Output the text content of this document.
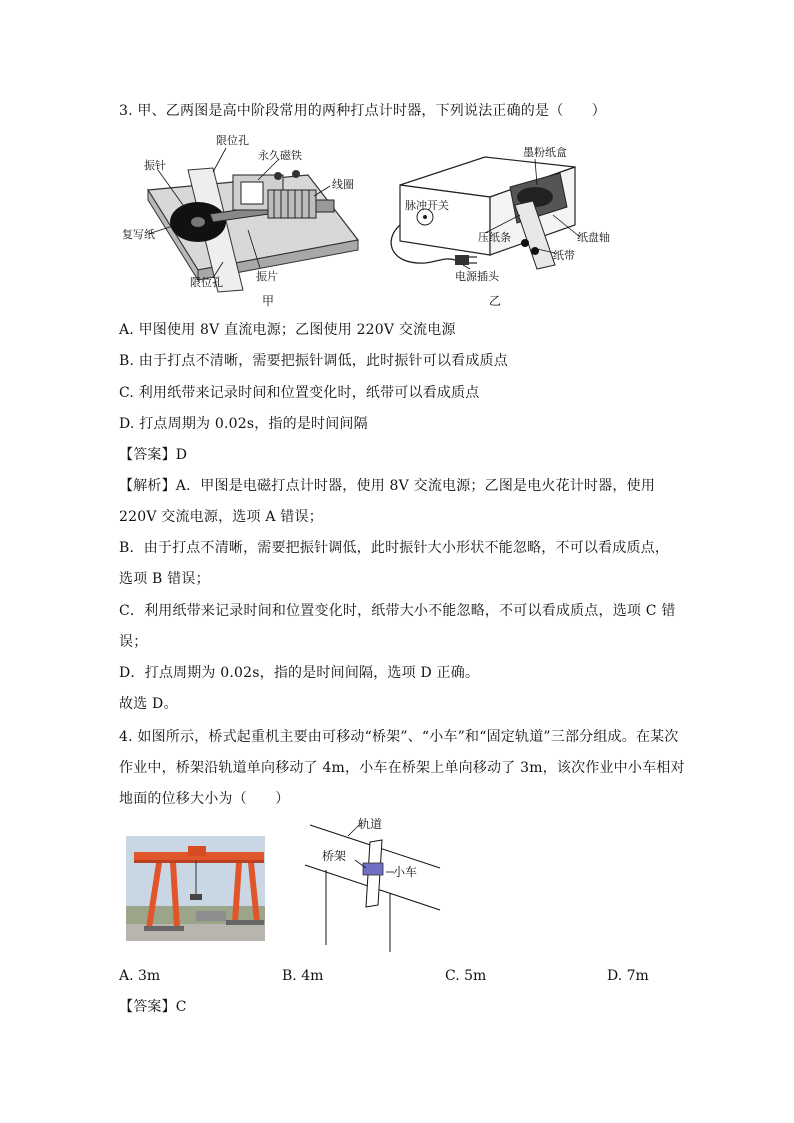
3. 甲、乙两图是高中阶段常用的两种打点计时器，下列说法正确的是（　　）
限位孔
永久磁铁
振针
线圈
复写纸
振片
限位孔
甲
墨粉纸盒
脉冲开关
压纸条	纸盘轴
纸带
电源插头
乙
A. 甲图使用 8V 直流电源；乙图使用 220V 交流电源
B. 由于打点不清晰，需要把振针调低，此时振针可以看成质点
C. 利用纸带来记录时间和位置变化时，纸带可以看成质点
D. 打点周期为 0.02s，指的是时间间隔
【答案】D
【解析】A．甲图是电磁打点计时器，使用 8V 交流电源；乙图是电火花计时器，使用
220V 交流电源，选项 A 错误；
B．由于打点不清晰，需要把振针调低，此时振针大小形状不能忽略，不可以看成质点，
选项 B 错误；
C．利用纸带来记录时间和位置变化时，纸带大小不能忽略，不可以看成质点，选项 C 错
误；
D．打点周期为 0.02s，指的是时间间隔，选项 D 正确。
故选 D。
4. 如图所示，桥式起重机主要由可移动“桥架”、“小车”和“固定轨道”三部分组成。在某次
作业中，桥架沿轨道单向移动了 4m，小车在桥架上单向移动了 3m，该次作业中小车相对
地面的位移大小为（　　）
轨道
桥架
小车
A. 3m	B. 4m	C. 5m	D. 7m
【答案】C
